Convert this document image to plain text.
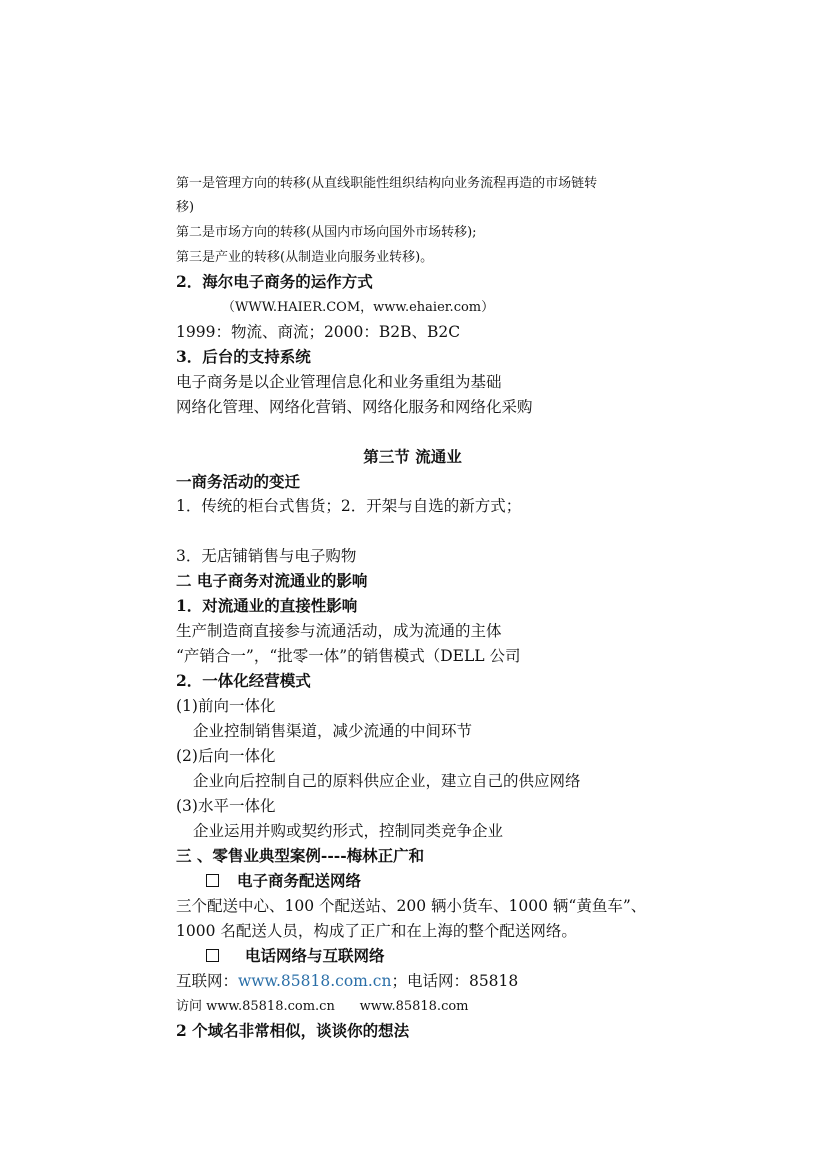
第一是管理方向的转移(从直线职能性组织结构向业务流程再造的市场链转
移)
第二是市场方向的转移(从国内市场向国外市场转移);
第三是产业的转移(从制造业向服务业转移)。
2．海尔电子商务的运作方式
（WWW.HAIER.COM，www.ehaier.com）
1999：物流、商流；2000：B2B、B2C
3．后台的支持系统
电子商务是以企业管理信息化和业务重组为基础
网络化管理、网络化营销、网络化服务和网络化采购
第三节 流通业
一商务活动的变迁
1．传统的柜台式售货；2．开架与自选的新方式；
3．无店铺销售与电子购物
二 电子商务对流通业的影响
1．对流通业的直接性影响
生产制造商直接参与流通活动，成为流通的主体
“产销合一”，“批零一体”的销售模式（DELL 公司
2．一体化经营模式
(1)前向一体化
企业控制销售渠道，减少流通的中间环节
(2)后向一体化
企业向后控制自己的原料供应企业，建立自己的供应网络
(3)水平一体化
企业运用并购或契约形式，控制同类竞争企业
三 、零售业典型案例----梅林正广和
电子商务配送网络
三个配送中心、100 个配送站、200 辆小货车、1000 辆“黄鱼车”、
1000 名配送人员，构成了正广和在上海的整个配送网络。
电话网络与互联网络
互联网：www.85818.com.cn；电话网：85818
访问 www.85818.com.cn      www.85818.com
2 个域名非常相似，谈谈你的想法
